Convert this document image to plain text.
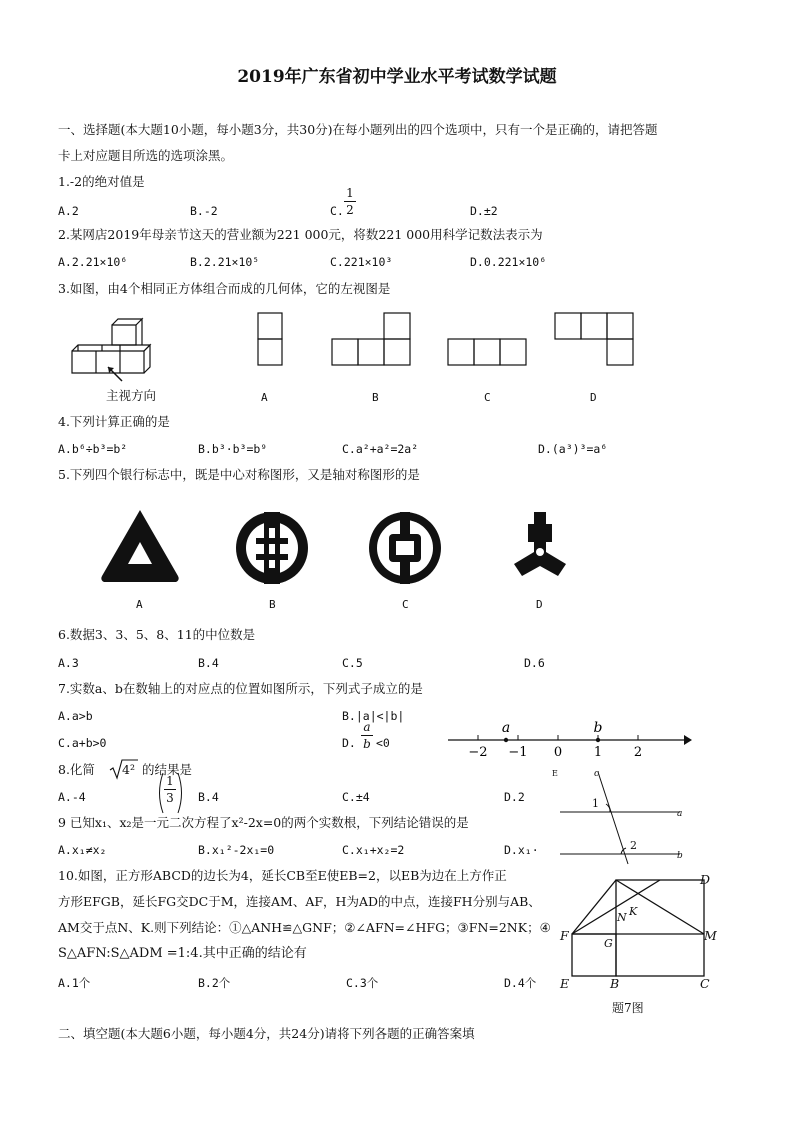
2019年广东省初中学业水平考试数学试题
一、选择题(本大题10小题，每小题3分，共30分)在每小题列出的四个选项中，只有一个是正确的，请把答题
卡上对应题目所选的选项涂黑。
1.-2的绝对值是
A.2	B.-2	C.
1
2	D.±2
2.某网店2019年母亲节这天的营业额为221 000元，将数221 000用科学记数法表示为
A.2.21×10⁶	B.2.21×10⁵	C.221×10³	D.0.221×10⁶
3.如图，由4个相同正方体组合而成的几何体，它的左视图是
主视方向	A	B	C	D
4.下列计算正确的是
A.b⁶÷b³=b²	B.b³·b³=b⁹	C.a²+a²=2a²	D.(a³)³=a⁶
5.下列四个银行标志中，既是中心对称图形，又是轴对称图形的是
A	B	C	D
6.数据3、3、5、8、11的中位数是
A.3	B.4	C.5	D.6
7.实数a、b在数轴上的对应点的位置如图所示，下列式子成立的是
A.a>b	B.|a|<|b|
C.a+b>0	D.
a
b <0
−2 −1 0 1 2
a	b
8.化简 4² 的结果是
A.-4
1
3 B.4	C.±4	D.2
c
1
a
2
b
E
9 已知x₁、x₂是一元二次方程了x²-2x=0的两个实数根，下列结论错误的是
A.x₁≠x₂	B.x₁²-2x₁=0	C.x₁+x₂=2	D.x₁·
10.如图，正方形ABCD的边长为4，延长CB至E使EB=2，以EB为边在上方作正
方形EFGB，延长FG交DC于M，连接AM、AF，H为AD的中点，连接FH分别与AB、
AM交于点N、K.则下列结论：①△ANH≌△GNF；②∠AFN=∠HFG；③FN=2NK；④
S△AFN:S△ADM =1:4.其中正确的结论有
A.1个	B.2个	C.3个	D.4个
D
F
N K
G
M
E	B	C
题7图
二、填空题(本大题6小题，每小题4分，共24分)请将下列各题的正确答案填
